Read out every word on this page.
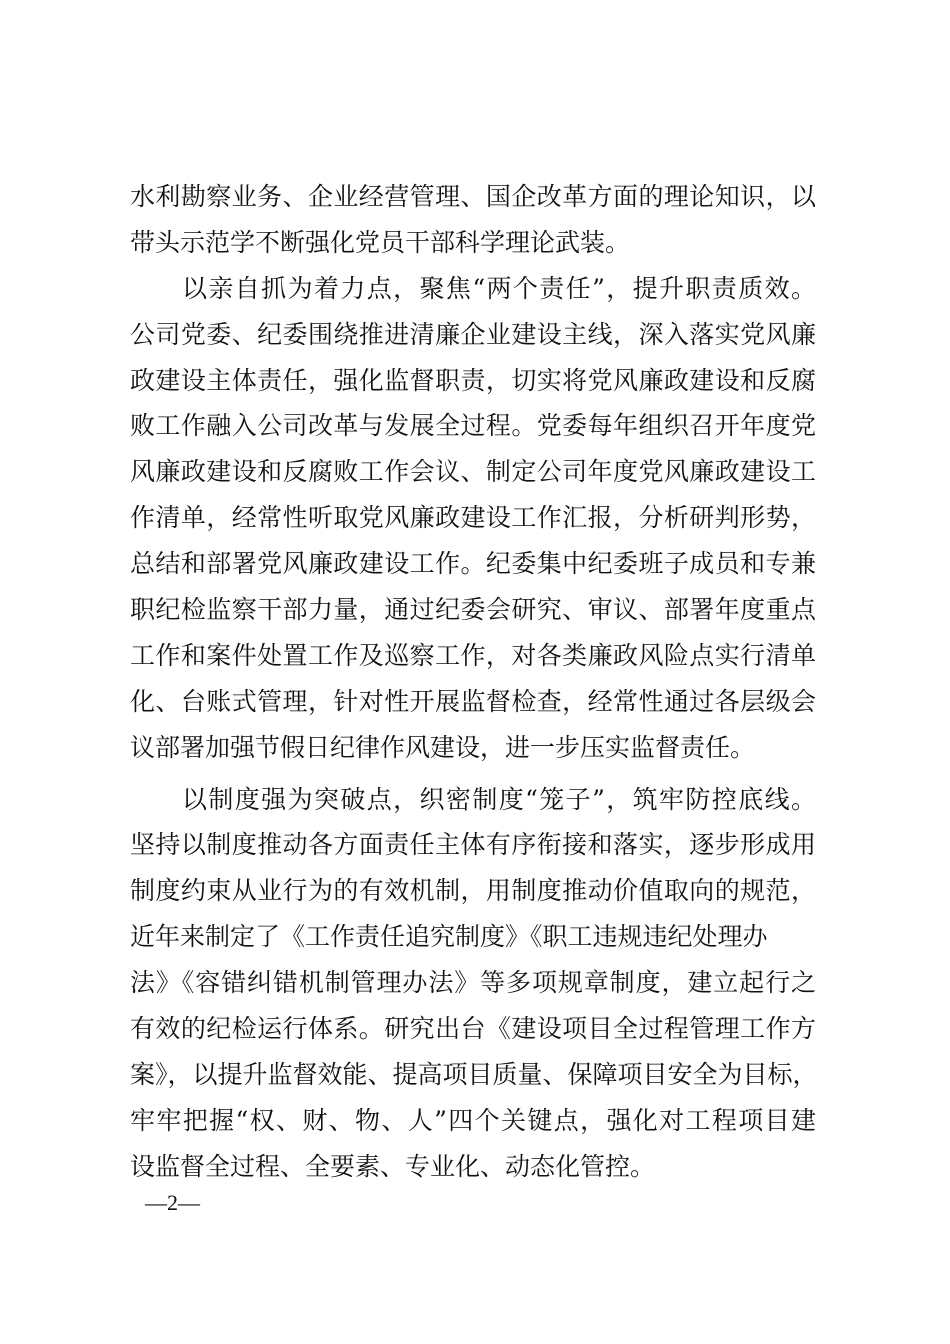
水利勘察业务、企业经营管理、国企改革方面的理论知识，以
带头示范学不断强化党员干部科学理论武装。
以亲自抓为着力点，聚焦“两个责任”，提升职责质效。
公司党委、纪委围绕推进清廉企业建设主线，深入落实党风廉
政建设主体责任，强化监督职责，切实将党风廉政建设和反腐
败工作融入公司改革与发展全过程。党委每年组织召开年度党
风廉政建设和反腐败工作会议、制定公司年度党风廉政建设工
作清单，经常性听取党风廉政建设工作汇报，分析研判形势，
总结和部署党风廉政建设工作。纪委集中纪委班子成员和专兼
职纪检监察干部力量，通过纪委会研究、审议、部署年度重点
工作和案件处置工作及巡察工作，对各类廉政风险点实行清单
化、台账式管理，针对性开展监督检查，经常性通过各层级会
议部署加强节假日纪律作风建设，进一步压实监督责任。
以制度强为突破点，织密制度“笼子”，筑牢防控底线。
坚持以制度推动各方面责任主体有序衔接和落实，逐步形成用
制度约束从业行为的有效机制，用制度推动价值取向的规范，
近年来制定了《工作责任追究制度》《职工违规违纪处理办
法》《容错纠错机制管理办法》等多项规章制度，建立起行之
有效的纪检运行体系。研究出台《建设项目全过程管理工作方
案》，以提升监督效能、提高项目质量、保障项目安全为目标，
牢牢把握“权、财、物、人”四个关键点，强化对工程项目建
设监督全过程、全要素、专业化、动态化管控。
—2—
